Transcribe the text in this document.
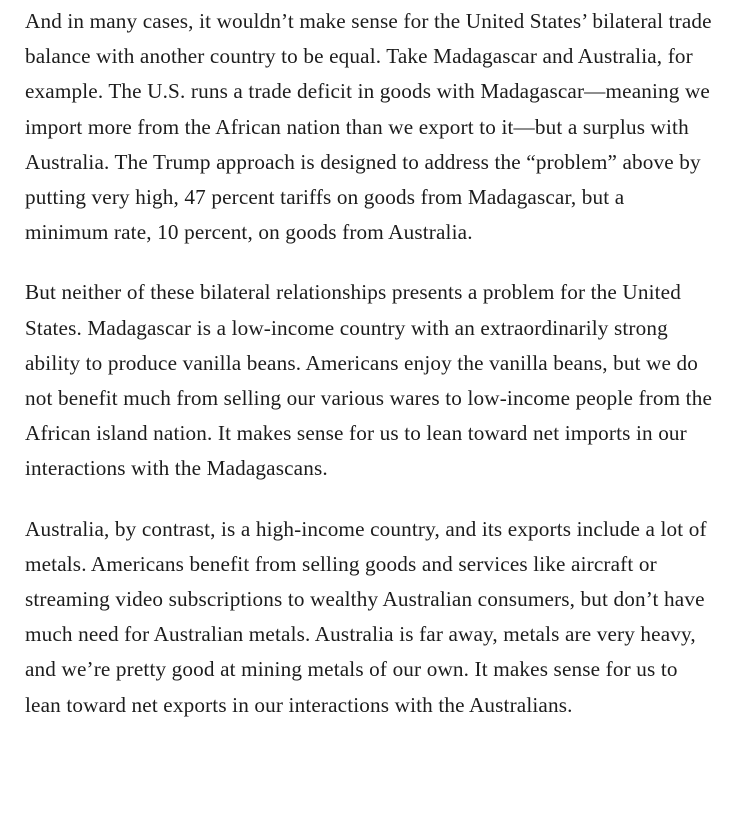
And in many cases, it wouldn’t make sense for the United States’ bilateral trade balance with another country to be equal. Take Madagascar and Australia, for example. The U.S. runs a trade deficit in goods with Madagascar—meaning we import more from the African nation than we export to it—but a surplus with Australia. The Trump approach is designed to address the “problem” above by putting very high, 47 percent tariffs on goods from Madagascar, but a minimum rate, 10 percent, on goods from Australia.

But neither of these bilateral relationships presents a problem for the United States. Madagascar is a low-income country with an extraordinarily strong ability to produce vanilla beans. Americans enjoy the vanilla beans, but we do not benefit much from selling our various wares to low-income people from the African island nation. It makes sense for us to lean toward net imports in our interactions with the Madagascans.

Australia, by contrast, is a high-income country, and its exports include a lot of metals. Americans benefit from selling goods and services like aircraft or streaming video subscriptions to wealthy Australian consumers, but don’t have much need for Australian metals. Australia is far away, metals are very heavy, and we’re pretty good at mining metals of our own. It makes sense for us to lean toward net exports in our interactions with the Australians.
